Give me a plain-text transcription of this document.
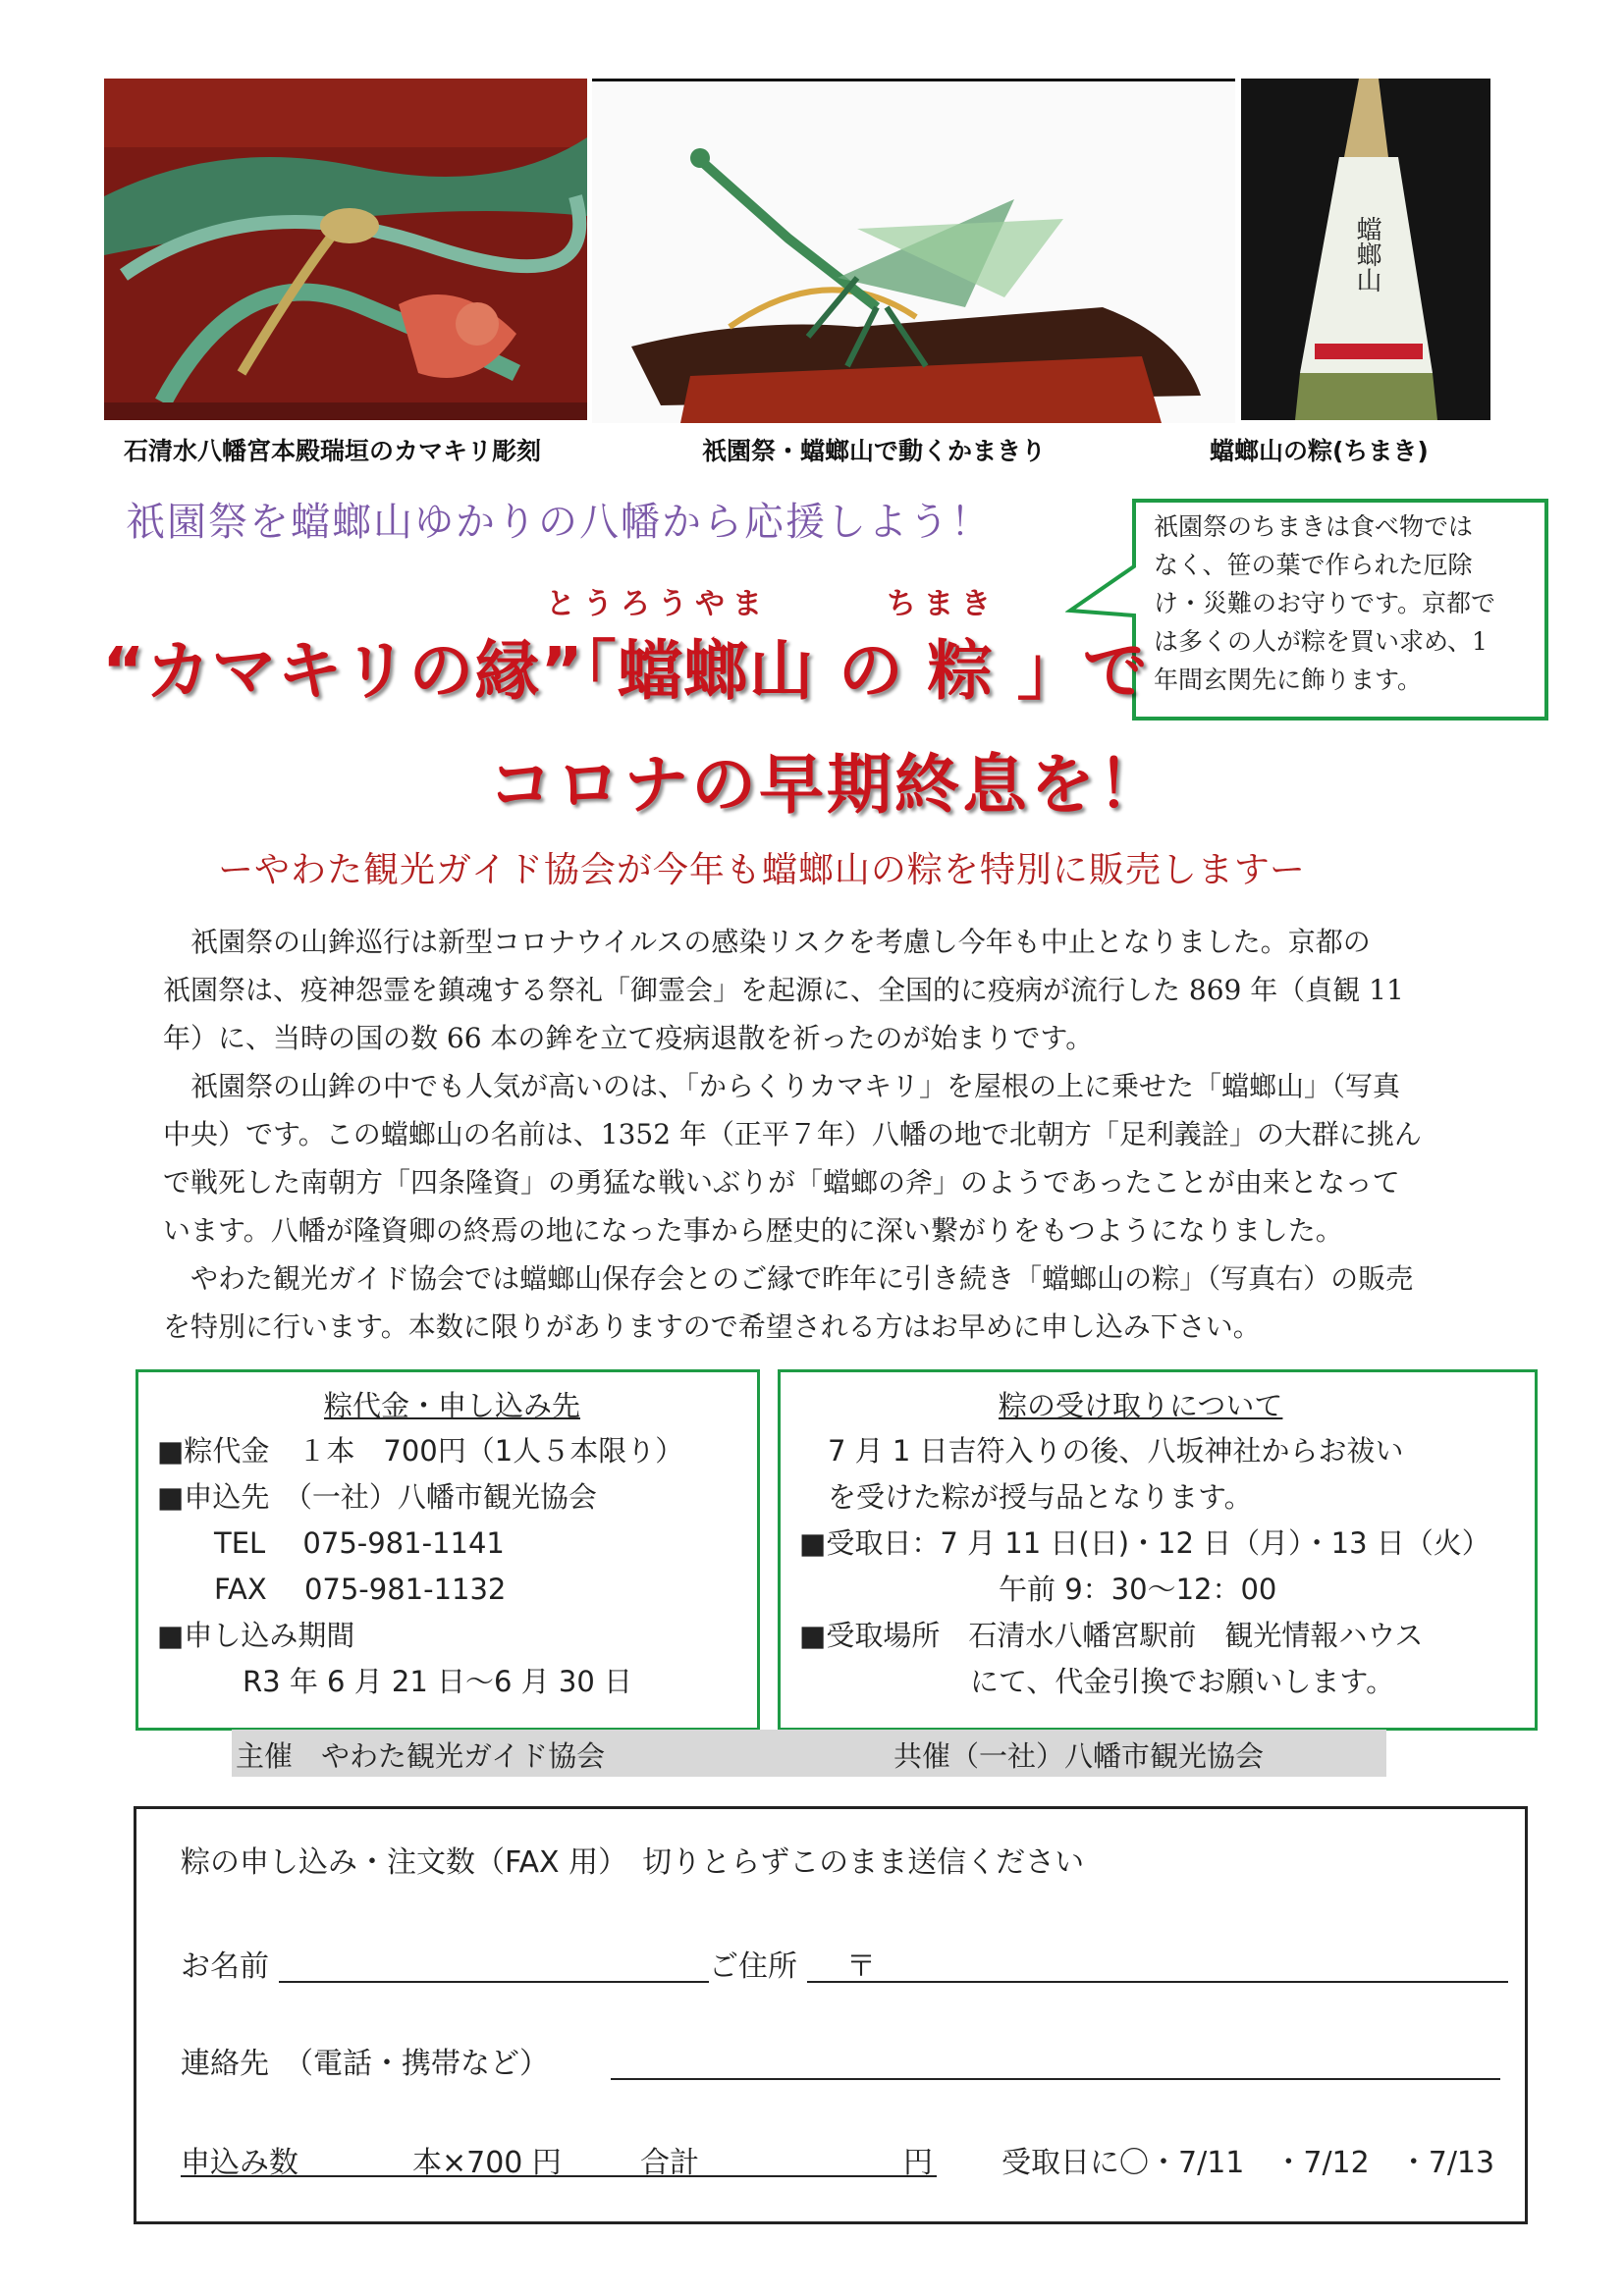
蟷螂山
石清水八幡宮本殿瑞垣のカマキリ彫刻	祇園祭・蟷螂山で動くかまきり	蟷螂山の粽(ちまき)
祇園祭を蟷螂山ゆかりの八幡から応援しよう！	祇園祭のちまきは食べ物では
なく、笹の葉で作られた厄除
け・災難のお守りです。京都で
は多くの人が粽を買い求め、1
年間玄関先に飾ります。
とうろうやま	ちまき
“カマキリの縁”「蟷螂山 の 粽 」で
コロナの早期終息を！
ーやわた観光ガイド協会が今年も蟷螂山の粽を特別に販売しますー

　祇園祭の山鉾巡行は新型コロナウイルスの感染リスクを考慮し今年も中止となりました。京都の

祇園祭は、疫神怨霊を鎮魂する祭礼「御霊会」を起源に、全国的に疫病が流行した 869 年（貞観 11

年）に、当時の国の数 66 本の鉾を立て疫病退散を祈ったのが始まりです。

　祇園祭の山鉾の中でも人気が高いのは、「からくりカマキリ」を屋根の上に乗せた「蟷螂山」（写真

中央）です。この蟷螂山の名前は、1352 年（正平７年）八幡の地で北朝方「足利義詮」の大群に挑ん

で戦死した南朝方「四条隆資」の勇猛な戦いぶりが「蟷螂の斧」のようであったことが由来となって

います。八幡が隆資卿の終焉の地になった事から歴史的に深い繋がりをもつようになりました。

　やわた観光ガイド協会では蟷螂山保存会とのご縁で昨年に引き続き「蟷螂山の粽」（写真右）の販売

を特別に行います。本数に限りがありますので希望される方はお早めに申し込み下さい。

粽代金・申し込み先
■粽代金　１本　700円（1人５本限り）
■申込先　（一社）八幡市観光協会
　　TEL　 075-981-1141
　　FAX　 075-981-1132
■申し込み期間
　　　R3 年 6 月 21 日〜6 月 30 日
粽の受け取りについて
　7 月 1 日吉符入りの後、八坂神社からお祓い
　を受けた粽が授与品となります。
■受取日：7 月 11 日(日)・12 日（月）・13 日（火）
　　　　　　　午前 9：30〜12：00
■受取場所　石清水八幡宮駅前　観光情報ハウス
　　　　　　にて、代金引換でお願いします。
主催　やわた観光ガイド協会	共催（一社）八幡市観光協会
粽の申し込み・注文数（FAX 用）　切りとらずこのまま送信ください
お名前	ご住所 〒
連絡先　（電話・携帯など）
申込み数	本×700 円	合計	円 受取日に〇・7/11　・7/12　・7/13
